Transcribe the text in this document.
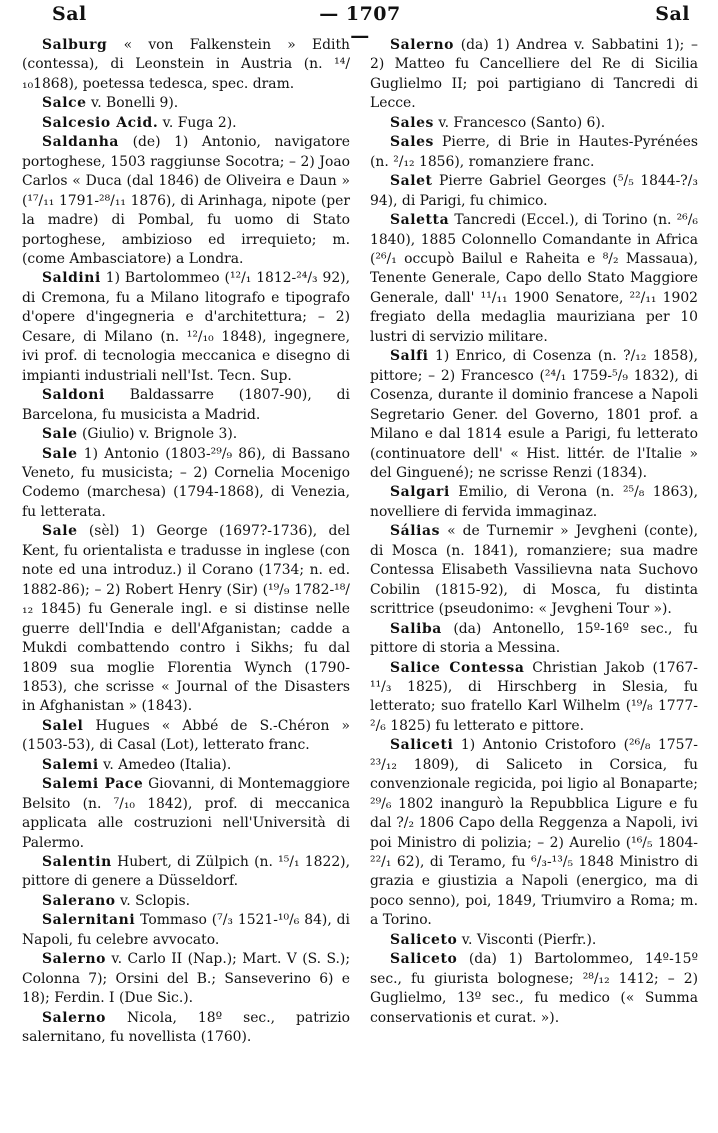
Sal	— 1707 —
Sal

Salburg « von Falkenstein » Edith (contessa), di Leonstein in Austria (n. ¹⁴/₁₀1868), poetessa tedesca, spec. dram.

Salce v. Bonelli 9).

Salcesio Acid. v. Fuga 2).

Saldanha (de) 1) Antonio, navigatore portoghese, 1503 raggiunse Socotra; – 2) Joao Carlos « Duca (dal 1846) de Oliveira e Daun » (¹⁷/₁₁ 1791-²⁸/₁₁ 1876), di Arinhaga, nipote (per la madre) di Pombal, fu uomo di Stato portoghese, ambizioso ed irrequieto; m. (come Ambasciatore) a Londra.

Saldini 1) Bartolommeo (¹²/₁ 1812-²⁴/₃ 92), di Cremona, fu a Milano litografo e tipografo d'opere d'ingegneria e d'architettura; – 2) Cesare, di Milano (n. ¹²/₁₀ 1848), ingegnere, ivi prof. di tecnologia meccanica e disegno di impianti industriali nell'Ist. Tecn. Sup.

Saldoni Baldassarre (1807-90), di Barcelona, fu musicista a Madrid.

Sale (Giulio) v. Brignole 3).

Sale 1) Antonio (1803-²⁹/₉ 86), di Bassano Veneto, fu musicista; – 2) Cornelia Mocenigo Codemo (marchesa) (1794-1868), di Venezia, fu letterata.

Sale (sèl) 1) George (1697?-1736), del Kent, fu orientalista e tradusse in inglese (con note ed una introduz.) il Corano (1734; n. ed. 1882-86); – 2) Robert Henry (Sir) (¹⁹/₉ 1782-¹⁸/₁₂ 1845) fu Generale ingl. e si distinse nelle guerre dell'India e dell'Afganistan; cadde a Mukdi combattendo contro i Sikhs; fu dal 1809 sua moglie Florentia Wynch (1790-1853), che scrisse « Journal of the Disasters in Afghanistan » (1843).

Salel Hugues « Abbé de S.-Chéron » (1503-53), di Casal (Lot), letterato franc.

Salemi v. Amedeo (Italia).

Salemi Pace Giovanni, di Montemaggiore Belsito (n. ⁷/₁₀ 1842), prof. di meccanica applicata alle costruzioni nell'Università di Palermo.

Salentin Hubert, di Zülpich (n. ¹⁵/₁ 1822), pittore di genere a Düsseldorf.

Salerano v. Sclopis.

Salernitani Tommaso (⁷/₃ 1521-¹⁰/₆ 84), di Napoli, fu celebre avvocato.

Salerno v. Carlo II (Nap.); Mart. V (S. S.); Colonna 7); Orsini del B.; Sanseverino 6) e 18); Ferdin. I (Due Sic.).

Salerno Nicola, 18º sec., patrizio salernitano, fu novellista (1760).

Salerno (da) 1) Andrea v. Sabbatini 1); – 2) Matteo fu Cancelliere del Re di Sicilia Guglielmo II; poi partigiano di Tancredi di Lecce.

Sales v. Francesco (Santo) 6).

Sales Pierre, di Brie in Hautes-Pyrénées (n. ²/₁₂ 1856), romanziere franc.

Salet Pierre Gabriel Georges (⁵/₅ 1844-?/₃ 94), di Parigi, fu chimico.

Saletta Tancredi (Eccel.), di Torino (n. ²⁶/₆ 1840), 1885 Colonnello Comandante in Africa (²⁶/₁ occupò Bailul e Raheita e ⁸/₂ Massaua), Tenente Generale, Capo dello Stato Maggiore Generale, dall' ¹¹/₁₁ 1900 Senatore, ²²/₁₁ 1902 fregiato della medaglia mauriziana per 10 lustri di servizio militare.

Salfi 1) Enrico, di Cosenza (n. ?/₁₂ 1858), pittore; – 2) Francesco (²⁴/₁ 1759-⁵/₉ 1832), di Cosenza, durante il dominio francese a Napoli Segretario Gener. del Governo, 1801 prof. a Milano e dal 1814 esule a Parigi, fu letterato (continuatore dell' « Hist. littér. de l'Italie » del Ginguené); ne scrisse Renzi (1834).

Salgari Emilio, di Verona (n. ²⁵/₈ 1863), novelliere di fervida immaginaz.

Sálias « de Turnemir » Jevgheni (conte), di Mosca (n. 1841), romanziere; sua madre Contessa Elisabeth Vassilievna nata Suchovo Cobilin (1815-92), di Mosca, fu distinta scrittrice (pseudonimo: « Jevgheni Tour »).

Saliba (da) Antonello, 15º-16º sec., fu pittore di storia a Messina.

Salice Contessa Christian Jakob (1767-¹¹/₃ 1825), di Hirschberg in Slesia, fu letterato; suo fratello Karl Wilhelm (¹⁹/₈ 1777-²/₆ 1825) fu letterato e pittore.

Saliceti 1) Antonio Cristoforo (²⁶/₈ 1757-²³/₁₂ 1809), di Saliceto in Corsica, fu convenzionale regicida, poi ligio al Bonaparte; ²⁹/₆ 1802 inangurò la Repubblica Ligure e fu dal ?/₂ 1806 Capo della Reggenza a Napoli, ivi poi Ministro di polizia; – 2) Aurelio (¹⁶/₅ 1804-²²/₁ 62), di Teramo, fu ⁶/₃-¹³/₅ 1848 Ministro di grazia e giustizia a Napoli (energico, ma di poco senno), poi, 1849, Triumviro a Roma; m. a Torino.

Saliceto v. Visconti (Pierfr.).

Saliceto (da) 1) Bartolommeo, 14º-15º sec., fu giurista bolognese; ²⁸/₁₂ 1412; – 2) Guglielmo, 13º sec., fu medico (« Summa conservationis et curat. »).
